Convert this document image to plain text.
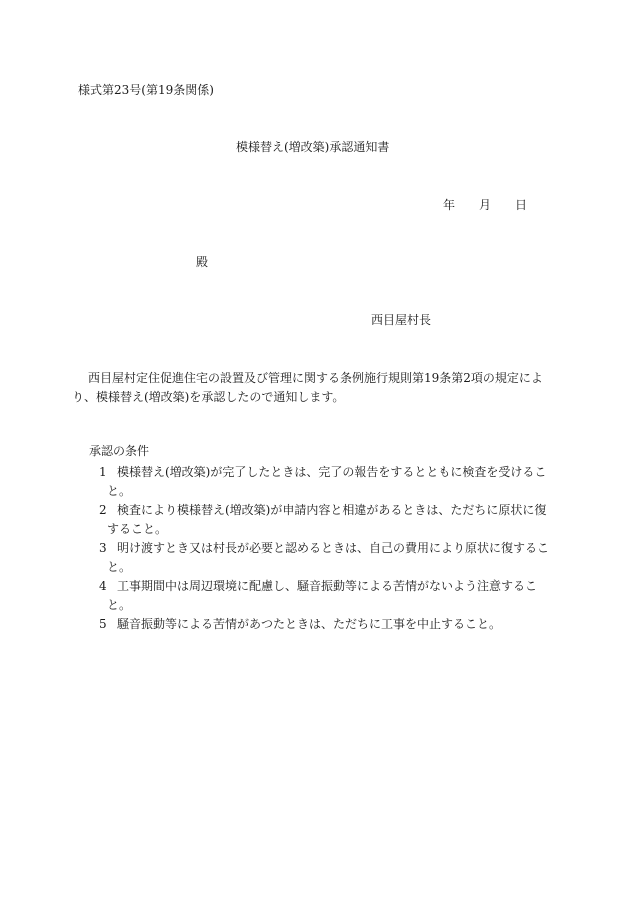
様式第23号(第19条関係)
模様替え(増改築)承認通知書
年 月 日
殿
西目屋村長
西目屋村定住促進住宅の設置及び管理に関する条例施行規則第19条第2項の規定により、模様替え(増改築)を承認したので通知します。
承認の条件
1 模様替え(増改築)が完了したときは、完了の報告をするとともに検査を受けること。
2 検査により模様替え(増改築)が申請内容と相違があるときは、ただちに原状に復すること。
3 明け渡すとき又は村長が必要と認めるときは、自己の費用により原状に復すること。
4 工事期間中は周辺環境に配慮し、騒音振動等による苦情がないよう注意すること。
5 騒音振動等による苦情があつたときは、ただちに工事を中止すること。
